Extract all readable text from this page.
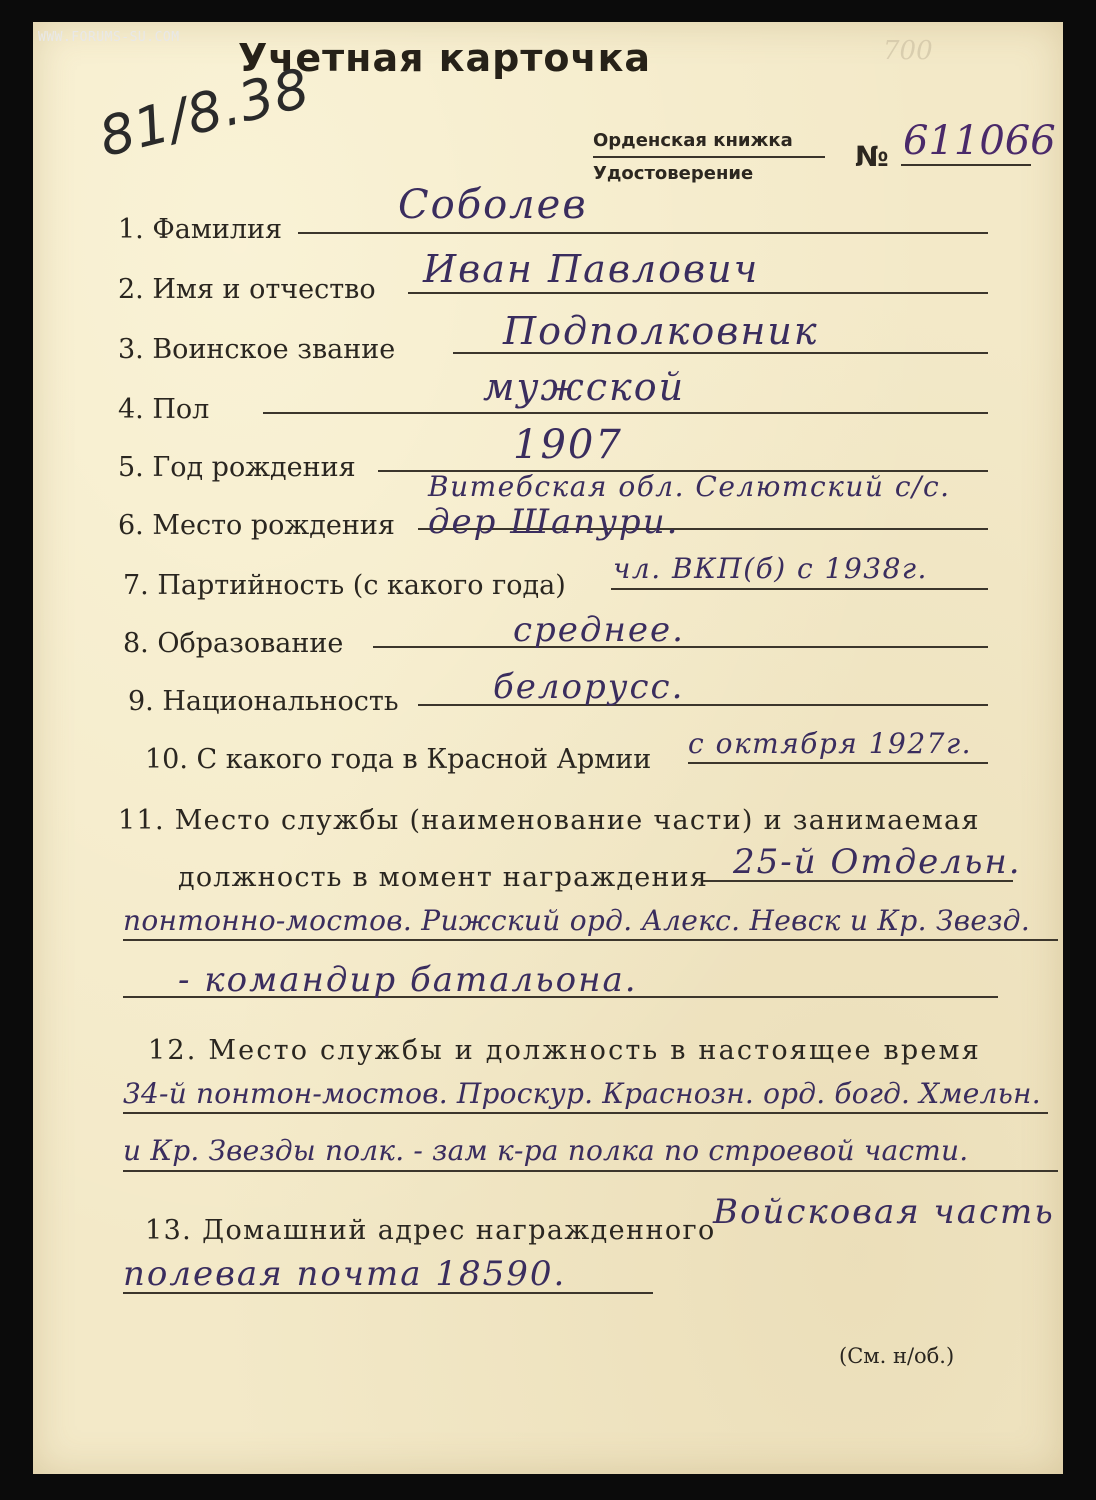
WWW.FORUMS-SU.COM Учетная карточка	700
81/8.38	Орденская книжка
Удостоверение
№ 611066
1. Фамилия
Соболев
2. Имя и отчество Иван Павлович
3. Воинское звание	Подполковник
4. Пол
мужской
5. Год рождения	1907
6. Место рождения
Витебская обл. Селютский с/с.
дер Шапури.
7. Партийность (с какого года)
чл. ВКП(б) с 1938г.
8. Образование	среднее.
9. Национальность	белорусс.
10. С какого года в Красной Армии с октября 1927г.
11. Место службы (наименование части) и занимаемая
должность в момент награждения 25-й Отдельн.
понтонно-мостов. Рижский орд. Алекс. Невск и Кр. Звезд.
- командир батальона.
12. Место службы и должность в настоящее время
34-й понтон-мостов. Проскур. Краснозн. орд. богд. Хмельн.
и Кр. Звезды полк. - зам к-ра полка по строевой части.
13. Домашний адрес награжденного
Войсковая часть
полевая почта 18590.
(См. н/об.)
